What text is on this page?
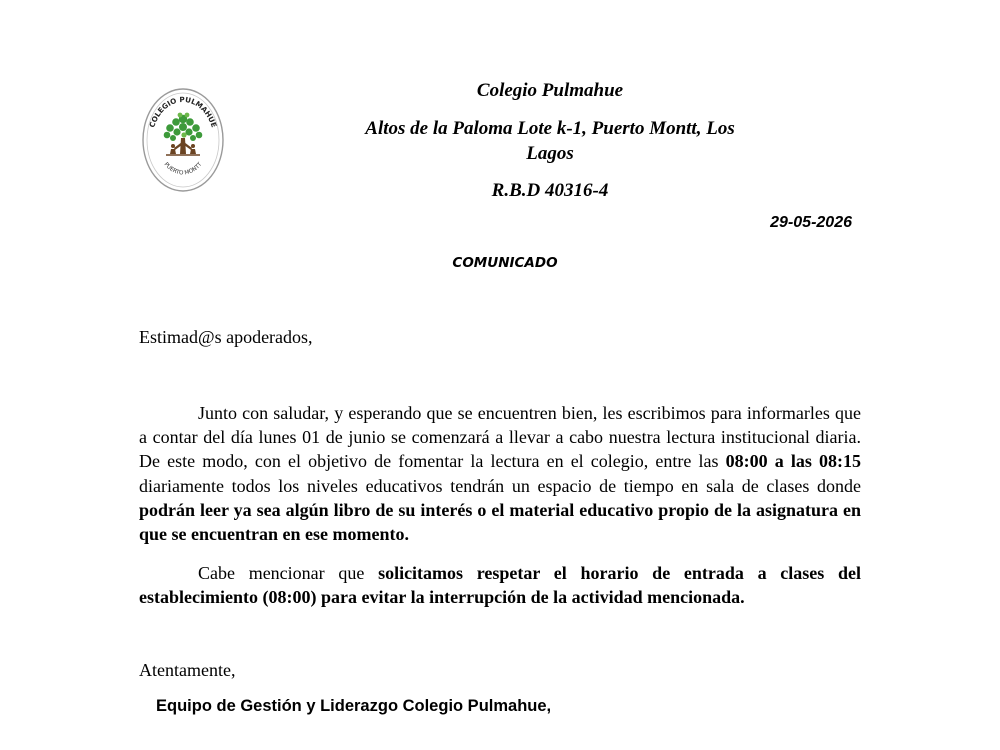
COLEGIO PULMAHUE
PUERTO MONTT
Colegio Pulmahue
Altos de la Paloma Lote k-1, Puerto Montt, Los Lagos
R.B.D 40316-4
29-05-2026
COMUNICADO
Estimad@s apoderados,
Junto con saludar, y esperando que se encuentren bien, les escribimos para informarles que a contar del día lunes 01 de junio se comenzará a llevar a cabo nuestra lectura institucional diaria. De este modo, con el objetivo de fomentar la lectura en el colegio, entre las 08:00 a las 08:15 diariamente todos los niveles educativos tendrán un espacio de tiempo en sala de clases donde podrán leer ya sea algún libro de su interés o el material educativo propio de la asignatura en que se encuentran en ese momento.
Cabe mencionar que solicitamos respetar el horario de entrada a clases del establecimiento (08:00) para evitar la interrupción de la actividad mencionada.
Atentamente,
Equipo de Gestión y Liderazgo Colegio Pulmahue,
